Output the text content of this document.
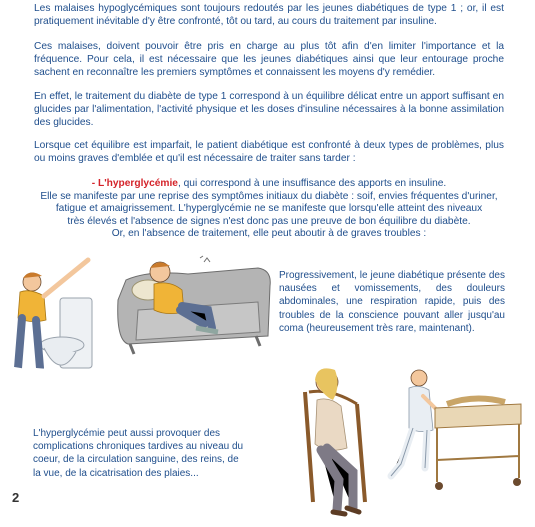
Les malaises hypoglycémiques sont toujours redoutés par les jeunes diabétiques de type 1 ; or, il est pratiquement inévitable d'y être confronté, tôt ou tard, au cours du traitement par insuline.

Ces malaises, doivent pouvoir être pris en charge au plus tôt afin d'en limiter l'importance et la fréquence. Pour cela, il est nécessaire que les jeunes diabétiques ainsi que leur entourage proche sachent en reconnaître les premiers symptômes et connaissent les moyens d'y remédier.

En effet, le traitement du diabète de type 1 correspond à un équilibre délicat entre un apport suffisant en glucides par l'alimentation, l'activité physique et les doses d'insuline nécessaires à la bonne assimilation des glucides.

Lorsque cet équilibre est imparfait, le patient diabétique est confronté à deux types de problèmes, plus ou moins graves d'emblée et qu'il est nécessaire de traiter sans tarder :

- L'hyperglycémie, qui correspond à une insuffisance des apports en insuline.
Elle se manifeste par une reprise des symptômes initiaux du diabète : soif, envies fréquentes d'uriner,
fatigue et amaigrissement. L'hyperglycémie ne se manifeste que lorsqu'elle atteint des niveaux
très élevés et l'absence de signes n'est donc pas une preuve de bon équilibre du diabète.
Or, en l'absence de traitement, elle peut aboutir à de graves troubles :

Progressivement, le jeune diabétique présente des nausées et vomissements, des douleurs abdominales, une respiration rapide, puis des troubles de la conscience pouvant aller jusqu'au coma (heureusement très rare, maintenant).

L'hyperglycémie peut aussi provoquer des complications chroniques tardives au niveau du coeur, de la circulation sanguine, des reins, de la vue, de la cicatrisation des plaies...

2
